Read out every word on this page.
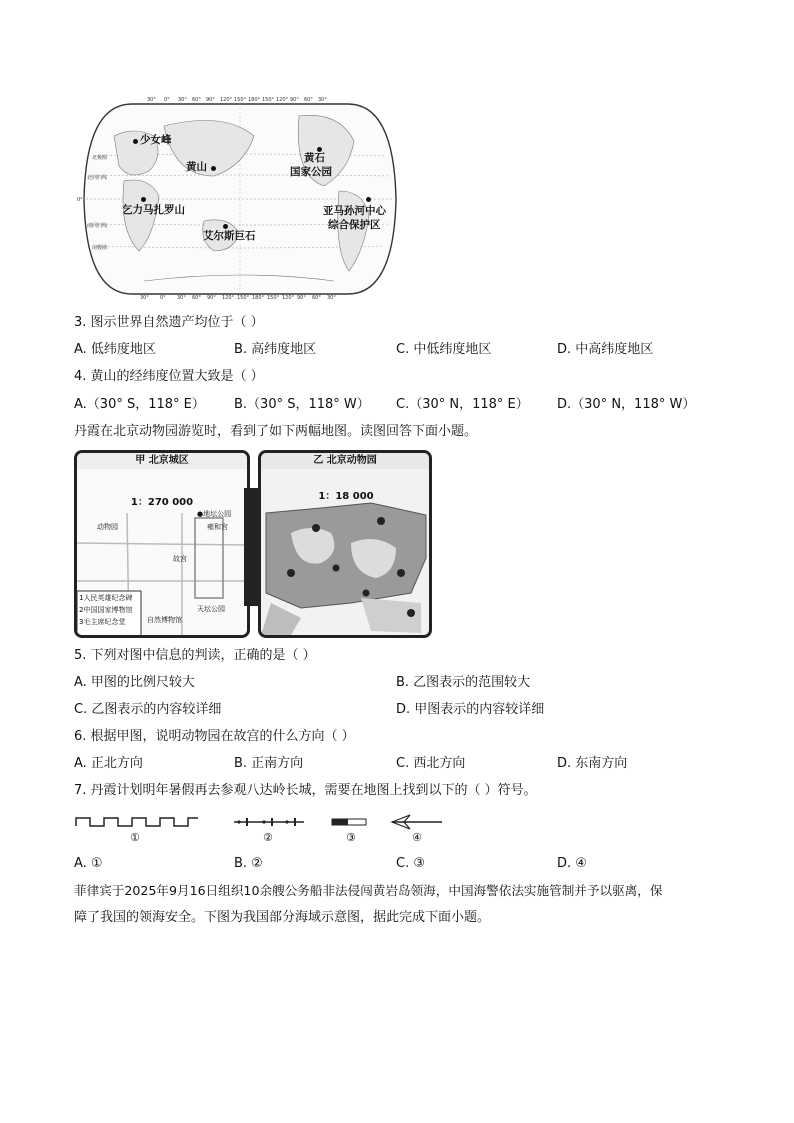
30° 0° 30° 60° 90° 120° 150° 180° 150° 120° 90° 60° 30°
30° 0° 30° 60° 90° 120° 150° 180° 150° 120° 90° 60° 30°
北极圈
北回归线
0°
南回归线
南极圈
少女峰
黄山
黄石
国家公园
乞力马扎罗山
艾尔斯巨石
亚马孙河中心
综合保护区
3. 图示世界自然遗产均位于（ ）
A. 低纬度地区	B. 高纬度地区	C. 中低纬度地区	D. 中高纬度地区
4. 黄山的经纬度位置大致是（ ）
A.（30° S，118° E） B.（30° S，118° W） C.（30° N，118° E） D.（30° N，118° W）
丹霞在北京动物园游览时，看到了如下两幅地图。读图回答下面小题。
甲 北京城区
1：270 000
●地坛公园
雍和宫
动物园
故宫
天坛公园
自然博物馆
1人民英雄纪念碑
2中国国家博物馆
3毛主席纪念堂
乙 北京动物园
1：18 000
5. 下列对图中信息的判读，正确的是（ ）
A. 甲图的比例尺较大	B. 乙图表示的范围较大
C. 乙图表示的内容较详细	D. 甲图表示的内容较详细
6. 根据甲图，说明动物园在故宫的什么方向（ ）
A. 正北方向	B. 正南方向	C. 西北方向	D. 东南方向
7. 丹霞计划明年暑假再去参观八达岭长城，需要在地图上找到以下的（ ）符号。
①	②	③	④
A. ①	B. ②	C. ③	D. ④
菲律宾于2025年9月16日组织10余艘公务船非法侵闯黄岩岛领海，中国海警依法实施管制并予以驱离，保
障了我国的领海安全。下图为我国部分海域示意图，据此完成下面小题。
